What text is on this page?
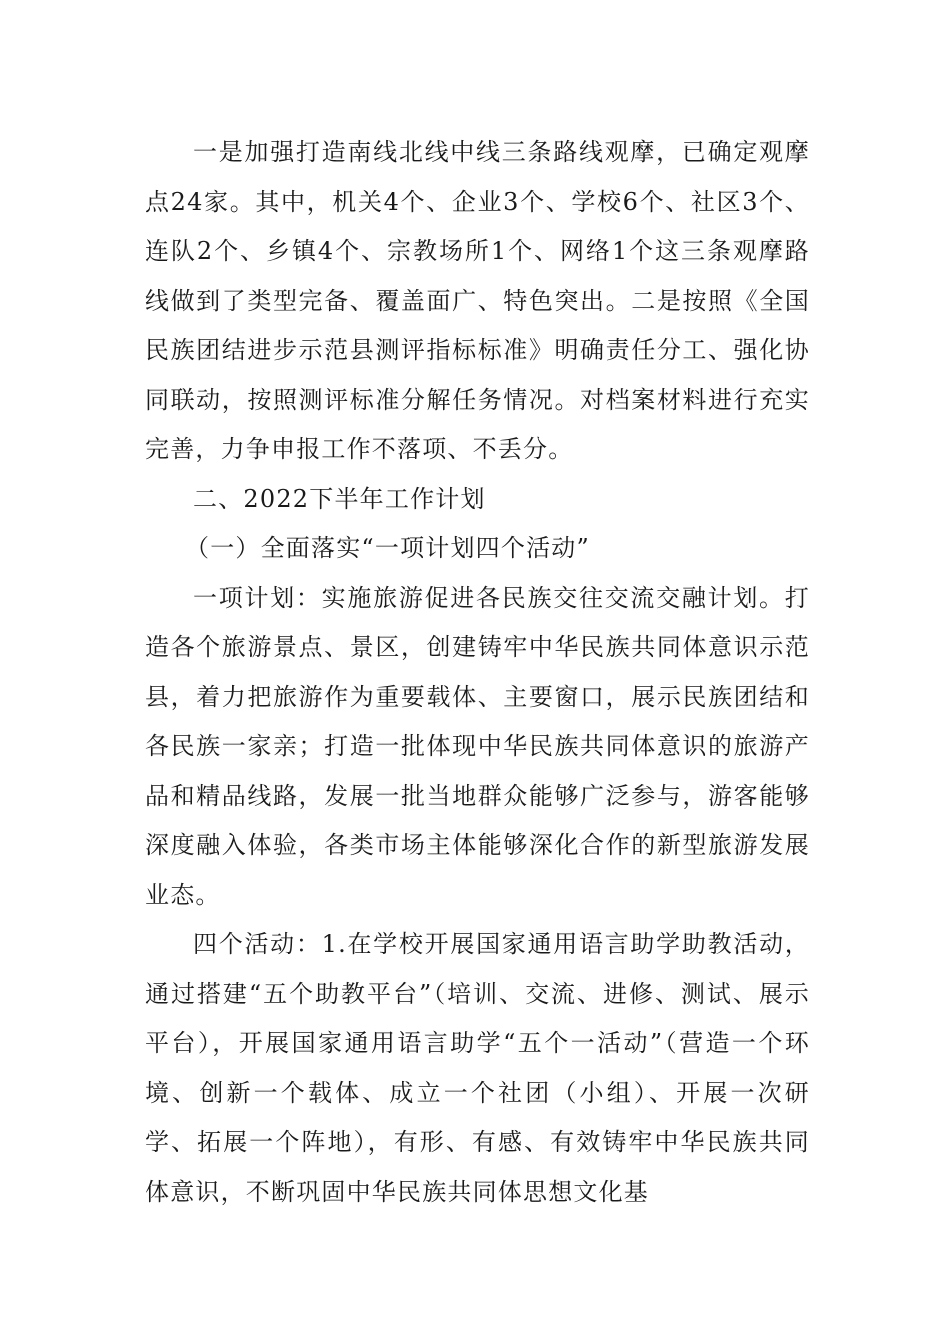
一是加强打造南线北线中线三条路线观摩，已确定观摩点24家。其中，机关4个、企业3个、学校6个、社区3个、连队2个、乡镇4个、宗教场所1个、网络1个这三条观摩路线做到了类型完备、覆盖面广、特色突出。二是按照《全国民族团结进步示范县测评指标标准》明确责任分工、强化协同联动，按照测评标准分解任务情况。对档案材料进行充实完善，力争申报工作不落项、不丢分。

二、2022下半年工作计划

（一）全面落实“一项计划四个活动”

一项计划：实施旅游促进各民族交往交流交融计划。打造各个旅游景点、景区，创建铸牢中华民族共同体意识示范县，着力把旅游作为重要载体、主要窗口，展示民族团结和各民族一家亲；打造一批体现中华民族共同体意识的旅游产品和精品线路，发展一批当地群众能够广泛参与，游客能够深度融入体验，各类市场主体能够深化合作的新型旅游发展业态。

四个活动：1.在学校开展国家通用语言助学助教活动，通过搭建“五个助教平台”（培训、交流、进修、测试、展示平台），开展国家通用语言助学“五个一活动”（营造一个环境、创新一个载体、成立一个社团（小组）、开展一次研学、拓展一个阵地），有形、有感、有效铸牢中华民族共同体意识，不断巩固中华民族共同体思想文化基
